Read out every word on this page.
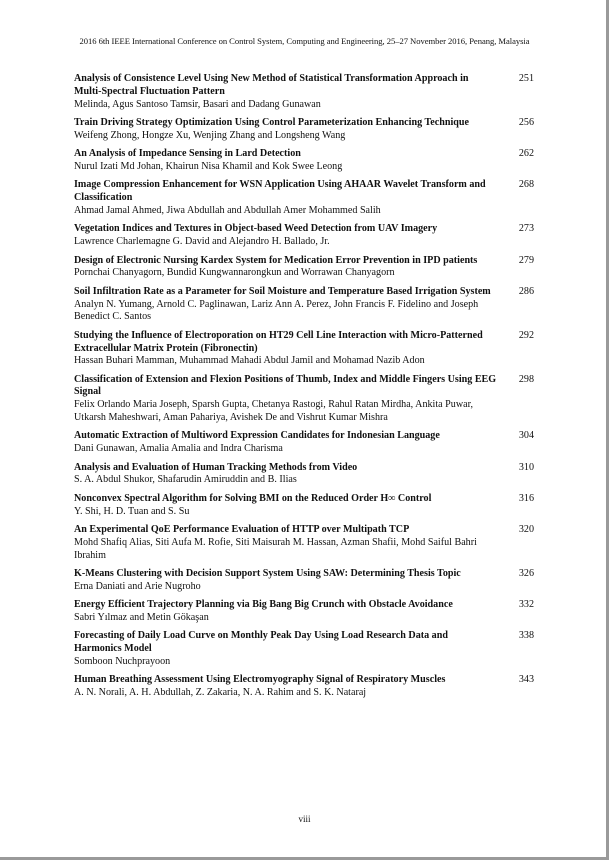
2016 6th IEEE International Conference on Control System, Computing and Engineering, 25–27 November 2016, Penang, Malaysia
Analysis of Consistence Level Using New Method of Statistical Transformation Approach in Multi-Spectral Fluctuation Pattern
Melinda, Agus Santoso Tamsir, Basari and Dadang Gunawan
251
Train Driving Strategy Optimization Using Control Parameterization Enhancing Technique
Weifeng Zhong, Hongze Xu, Wenjing Zhang and Longsheng Wang
256
An Analysis of Impedance Sensing in Lard Detection
Nurul Izati Md Johan, Khairun Nisa Khamil and Kok Swee Leong
262
Image Compression Enhancement for WSN Application Using AHAAR Wavelet Transform and Classification
Ahmad Jamal Ahmed, Jiwa Abdullah and Abdullah Amer Mohammed Salih
268
Vegetation Indices and Textures in Object-based Weed Detection from UAV Imagery
Lawrence Charlemagne G. David and Alejandro H. Ballado, Jr.
273
Design of Electronic Nursing Kardex System for Medication Error Prevention in IPD patients
Pornchai Chanyagorn, Bundid Kungwannarongkun and Worrawan Chanyagorn
279
Soil Infiltration Rate as a Parameter for Soil Moisture and Temperature Based Irrigation System
Analyn N. Yumang, Arnold C. Paglinawan, Lariz Ann A. Perez, John Francis F. Fidelino and Joseph Benedict C. Santos
286
Studying the Influence of Electroporation on HT29 Cell Line Interaction with Micro-Patterned Extracellular Matrix Protein (Fibronectin)
Hassan Buhari Mamman, Muhammad Mahadi Abdul Jamil and Mohamad Nazib Adon
292
Classification of Extension and Flexion Positions of Thumb, Index and Middle Fingers Using EEG Signal
Felix Orlando Maria Joseph, Sparsh Gupta, Chetanya Rastogi, Rahul Ratan Mirdha, Ankita Puwar, Utkarsh Maheshwari, Aman Pahariya, Avishek De and Vishrut Kumar Mishra
298
Automatic Extraction of Multiword Expression Candidates for Indonesian Language
Dani Gunawan, Amalia Amalia and Indra Charisma
304
Analysis and Evaluation of Human Tracking Methods from Video
S. A. Abdul Shukor, Shafarudin Amiruddin and B. Ilias
310
Nonconvex Spectral Algorithm for Solving BMI on the Reduced Order H∞ Control
Y. Shi, H. D. Tuan and S. Su
316
An Experimental QoE Performance Evaluation of HTTP over Multipath TCP
Mohd Shafiq Alias, Siti Aufa M. Rofie, Siti Maisurah M. Hassan, Azman Shafii, Mohd Saiful Bahri Ibrahim
320
K-Means Clustering with Decision Support System Using SAW: Determining Thesis Topic
Erna Daniati and Arie Nugroho
326
Energy Efficient Trajectory Planning via Big Bang Big Crunch with Obstacle Avoidance
Sabri Yılmaz and Metin Gökaşan
332
Forecasting of Daily Load Curve on Monthly Peak Day Using Load Research Data and Harmonics Model
Somboon Nuchprayoon
338
Human Breathing Assessment Using Electromyography Signal of Respiratory Muscles
A. N. Norali, A. H. Abdullah, Z. Zakaria, N. A. Rahim and S. K. Nataraj
343
viii
